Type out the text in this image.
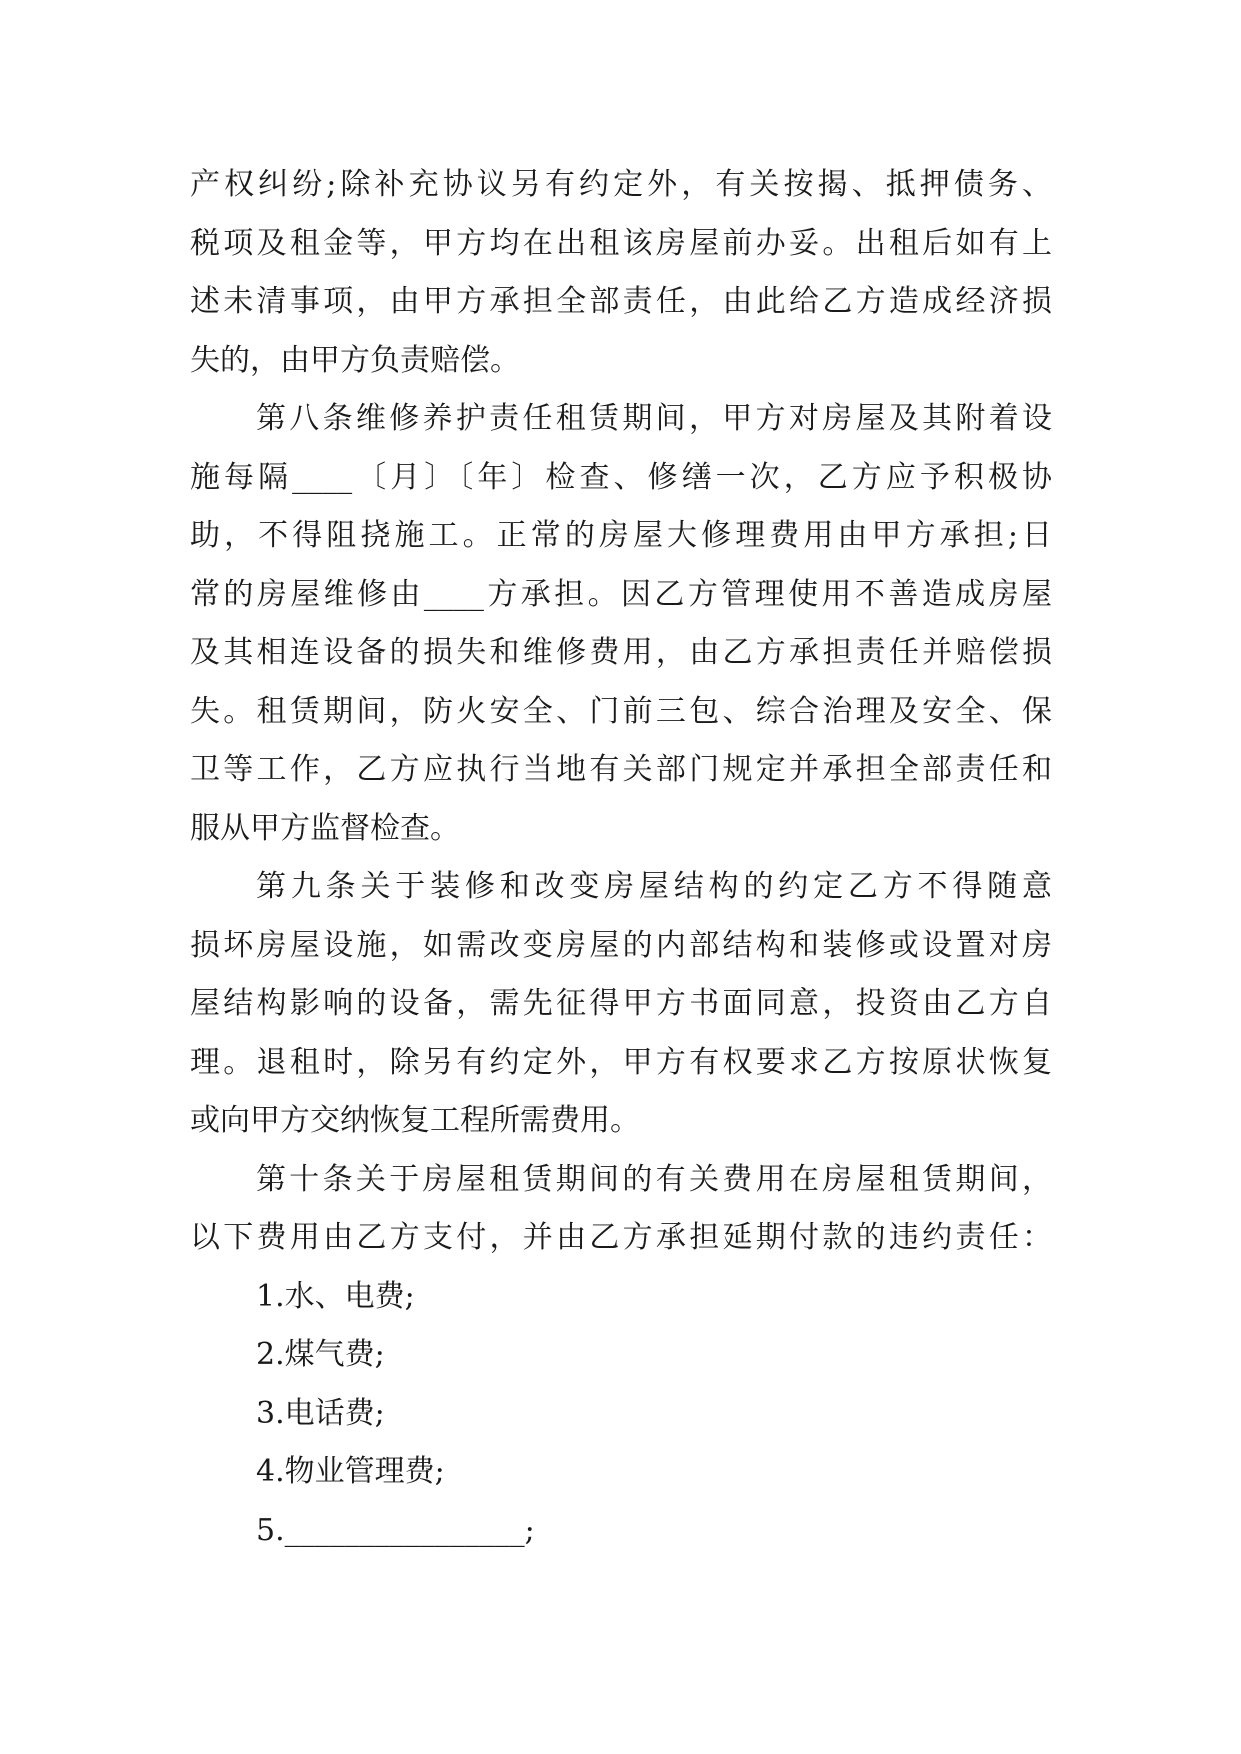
产权纠纷;除补充协议另有约定外，有关按揭、抵押债务、
税项及租金等，甲方均在出租该房屋前办妥。出租后如有上
述未清事项，由甲方承担全部责任，由此给乙方造成经济损
失的，由甲方负责赔偿。
第八条维修养护责任租赁期间，甲方对房屋及其附着设
施每隔____〔月〕〔年〕检查、修缮一次，乙方应予积极协
助，不得阻挠施工。正常的房屋大修理费用由甲方承担;日
常的房屋维修由____方承担。因乙方管理使用不善造成房屋
及其相连设备的损失和维修费用，由乙方承担责任并赔偿损
失。租赁期间，防火安全、门前三包、综合治理及安全、保
卫等工作，乙方应执行当地有关部门规定并承担全部责任和
服从甲方监督检查。
第九条关于装修和改变房屋结构的约定乙方不得随意
损坏房屋设施，如需改变房屋的内部结构和装修或设置对房
屋结构影响的设备，需先征得甲方书面同意，投资由乙方自
理。退租时，除另有约定外，甲方有权要求乙方按原状恢复
或向甲方交纳恢复工程所需费用。
第十条关于房屋租赁期间的有关费用在房屋租赁期间，
以下费用由乙方支付，并由乙方承担延期付款的违约责任：
1.水、电费;
2.煤气费;
3.电话费;
4.物业管理费;
5.________________;
